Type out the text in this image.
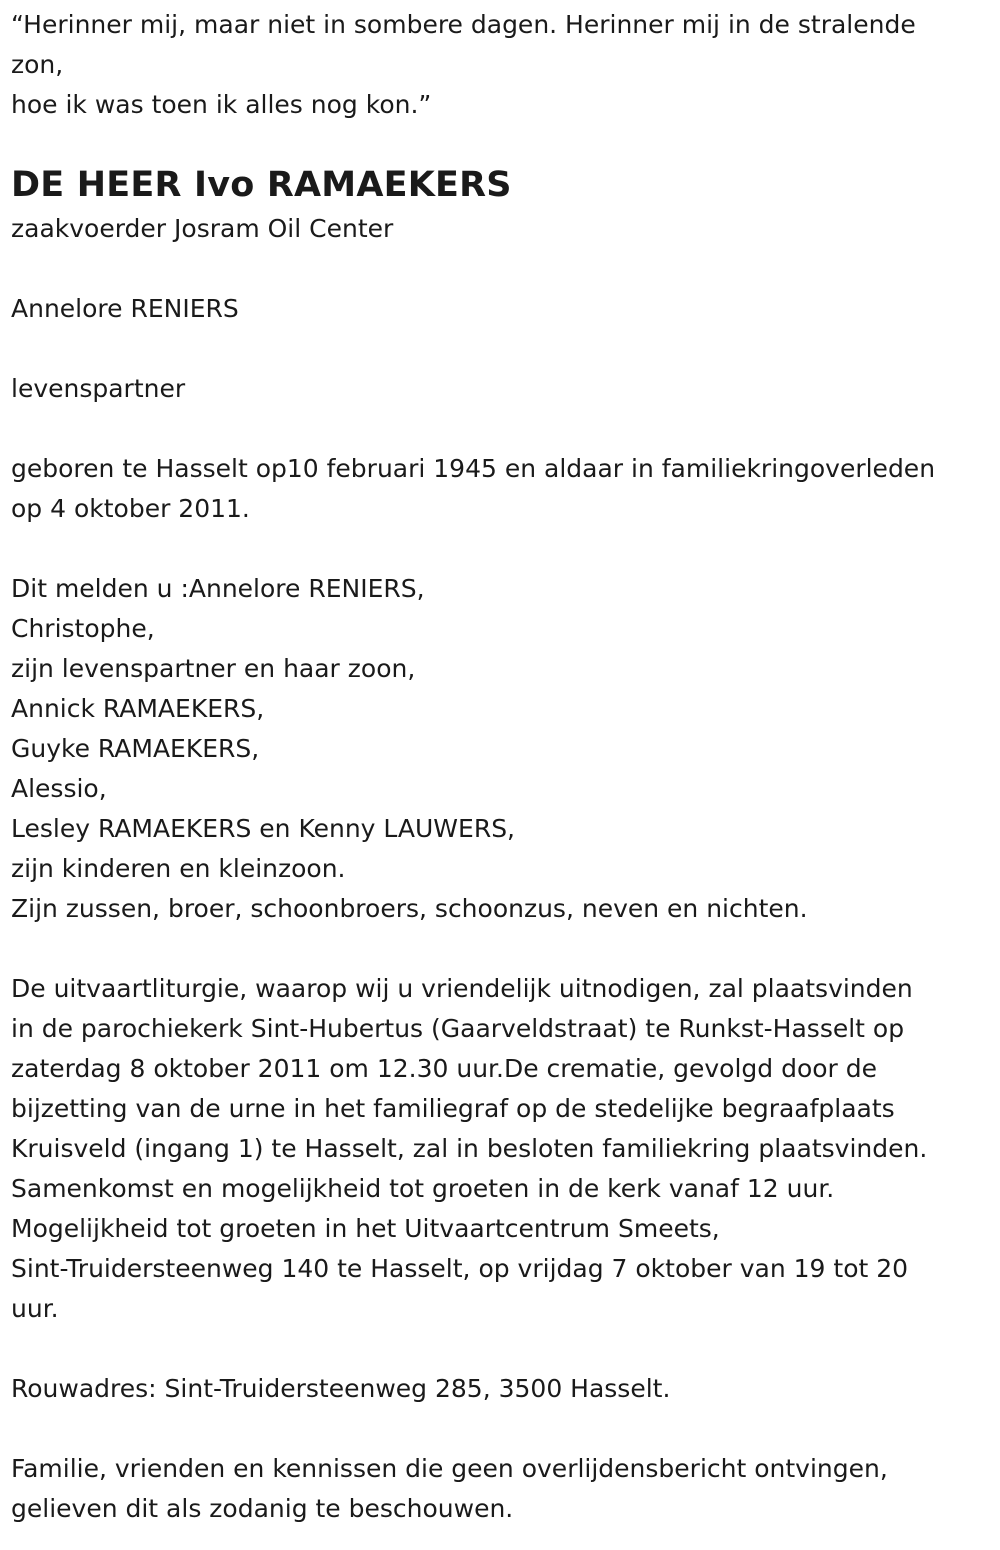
“Herinner mij, maar niet in sombere dagen. Herinner mij in de stralende
zon,
hoe ik was toen ik alles nog kon.”
DE HEER Ivo RAMAEKERS
zaakvoerder Josram Oil Center
Annelore RENIERS
levenspartner
geboren te Hasselt op10 februari 1945 en aldaar in familiekringoverleden
op 4 oktober 2011.
Dit melden u :Annelore RENIERS,
Christophe,
zijn levenspartner en haar zoon,
Annick RAMAEKERS,
Guyke RAMAEKERS,
Alessio,
Lesley RAMAEKERS en Kenny LAUWERS,
zijn kinderen en kleinzoon.
Zijn zussen, broer, schoonbroers, schoonzus, neven en nichten.
De uitvaartliturgie, waarop wij u vriendelijk uitnodigen, zal plaatsvinden
in de parochiekerk Sint-Hubertus (Gaarveldstraat) te Runkst-Hasselt op
zaterdag 8 oktober 2011 om 12.30 uur.De crematie, gevolgd door de
bijzetting van de urne in het familiegraf op de stedelijke begraafplaats
Kruisveld (ingang 1) te Hasselt, zal in besloten familiekring plaatsvinden.
Samenkomst en mogelijkheid tot groeten in de kerk vanaf 12 uur.
Mogelijkheid tot groeten in het Uitvaartcentrum Smeets,
Sint-Truidersteenweg 140 te Hasselt, op vrijdag 7 oktober van 19 tot 20
uur.
Rouwadres: Sint-Truidersteenweg 285, 3500 Hasselt.
Familie, vrienden en kennissen die geen overlijdensbericht ontvingen,
gelieven dit als zodanig te beschouwen.
